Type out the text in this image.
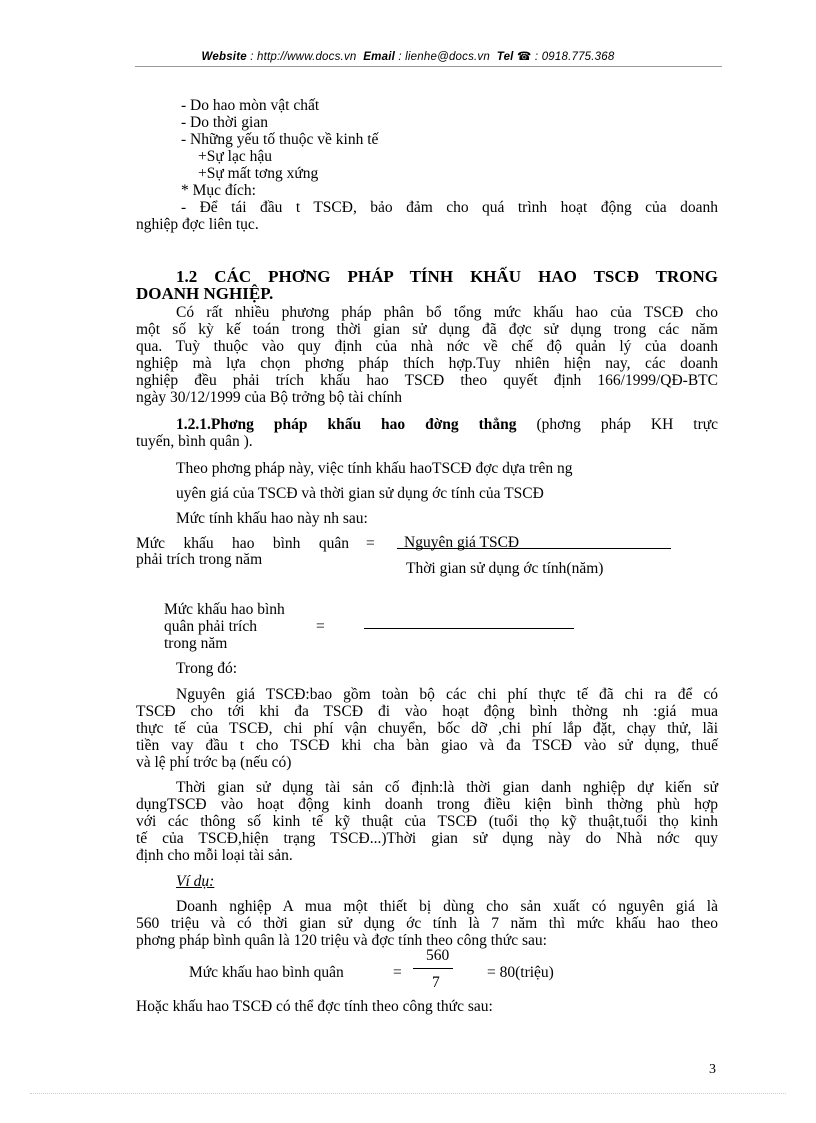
Website : http://www.docs.vn Email : lienhe@docs.vn Tel ☎ : 0918.775.368
- Do hao mòn vật chất
- Do thời gian
- Những yếu tố thuộc về kinh tế
+Sự lạc hậu
+Sự mất tơng xứng
* Mục đích:
- Để tái đầu t TSCĐ, bảo đảm cho quá trình hoạt động của doanh
nghiệp đợc liên tục.
1.2 CÁC PHƠNG PHÁP TÍNH KHẤU HAO TSCĐ TRONG
DOANH NGHIỆP.
Có rất nhiều phương pháp phân bổ tổng mức khấu hao của TSCĐ cho
một số kỳ kế toán trong thời gian sử dụng đã đợc sử dụng trong các năm
qua. Tuỳ thuộc vào quy định của nhà nớc về chế độ quản lý của doanh
nghiệp mà lựa chọn phơng pháp thích hợp.Tuy nhiên hiện nay, các doanh
nghiệp đều phải trích khấu hao TSCĐ theo quyết định 166/1999/QĐ-BTC
ngày 30/12/1999 của Bộ trởng bộ tài chính
1.2.1.Phơng pháp khấu hao đờng thẳng (phơng pháp KH trực
tuyến, bình quân ).
Theo phơng pháp này, việc tính khấu haoTSCĐ đợc dựa trên ng
uyên giá của TSCĐ và thời gian sử dụng ớc tính của TSCĐ
Mức tính khấu hao này nh sau:
Mức khấu hao bình quân
phải trích trong năm
= Nguyên giá TSCĐ
Thời gian sử dụng ớc tính(năm)
Mức khấu hao bình
quân phải trích	=
trong năm
Trong đó:
Nguyên giá TSCĐ:bao gồm toàn bộ các chi phí thực tế đã chi ra để có
TSCĐ cho tới khi đa TSCĐ đi vào hoạt động bình thờng nh :giá mua
thực tế của TSCĐ, chi phí vận chuyển, bốc dỡ ,chi phí lắp đặt, chạy thử, lãi
tiền vay đầu t cho TSCĐ khi cha bàn giao và đa TSCĐ vào sử dụng, thuế
và lệ phí trớc bạ (nếu có)
Thời gian sử dụng tài sản cố định:là thời gian danh nghiệp dự kiến sử
dụngTSCĐ vào hoạt động kinh doanh trong điều kiện bình thờng phù hợp
với các thông số kinh tế kỹ thuật của TSCĐ (tuổi thọ kỹ thuật,tuổi thọ kinh
tế của TSCĐ,hiện trạng TSCĐ...)Thời gian sử dụng này do Nhà nớc quy
định cho mỗi loại tài sản.
Ví dụ:
Doanh nghiệp A mua một thiết bị dùng cho sản xuất có nguyên giá là
560 triệu và có thời gian sử dụng ớc tính là 7 năm thì mức khấu hao theo
phơng pháp bình quân là 120 triệu và đợc tính theo công thức sau:
Mức khấu hao bình quân	=
560
7
= 80(triệu)
Hoặc khấu hao TSCĐ có thể đợc tính theo công thức sau:
3
